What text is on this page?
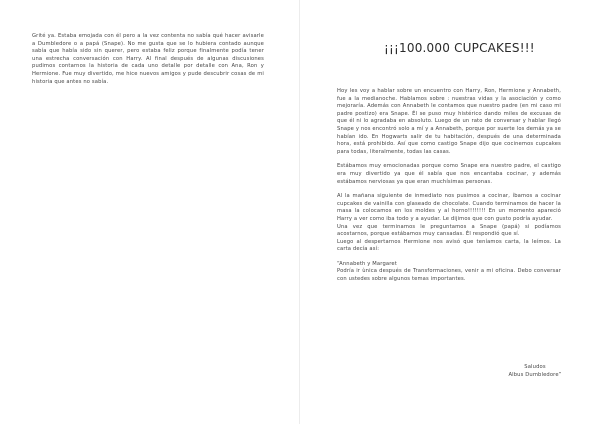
Grité ya. Estaba emojada con él pero a la vez contenta no sabía qué hacer avisarle a Dumbledore o a papá (Snape). No me gusta que se lo hubiera contado aunque sabía que había sido sin querer, pero estaba feliz porque finalmente podía tener una estrecha conversación con Harry. Al final después de algunas discusiones pudimos contarnos la historia de cada uno detalle por detalle con Ana, Ron y Hermione. Fue muy divertido, me hice nuevos amigos y pude descubrir cosas de mi historia que antes no sabía.

¡¡¡100.000 CUPCAKES!!!

Hoy les voy a hablar sobre un encuentro con Harry, Ron, Hermione y Annabeth, fue a la medianoche. Hablamos sobre : nuestras vidas y la asociación y como mejoraría. Además con Annabeth le contamos que nuestro padre (en mi caso mi padre postizo) era Snape. Él se puso muy histérico dando miles de excusas de que él ni lo agradaba en absoluto. Luego de un rato de conversar y hablar llegó Snape y nos encontró solo a mí y a Annabeth, porque por suerte los demás ya se habían ido. En Hogwarts salir de tu habitación, después de una determinada hora, está prohibido. Así que como castigo Snape dijo que cocinemos cupcakes para todas, literalmente, todas las casas.

Estábamos muy emocionadas porque como Snape era nuestro padre, el castigo era muy divertido ya que él sabía que nos encantaba cocinar, y además estábamos nerviosas ya que eran muchísimas personas.

Al la mañana siguiente de inmediato nos pusimos a cocinar, íbamos a cocinar cupcakes de vainilla con glaseado de chocolate. Cuando terminamos de hacer la masa la colocamos en los moldes y al horno!!!!!!!! En un momento apareció Harry a ver como iba todo y a ayudar. Le dijimos que con gusto podría ayudar.
Una vez que terminamos le preguntamos a Snape (papá) si podíamos acostarnos, porque estábamos muy cansadas. Él respondió que sí.
Luego al despertarnos Hermione nos avisó que teníamos carta, la leímos. La carta decía así:

“Annabeth y Margaret
Podría ir ùnica después de Transformaciones, venir a mi oficina. Debo conversar con ustedes sobre algunos temas importantes.

Saludos
Albus Dumbledore”
